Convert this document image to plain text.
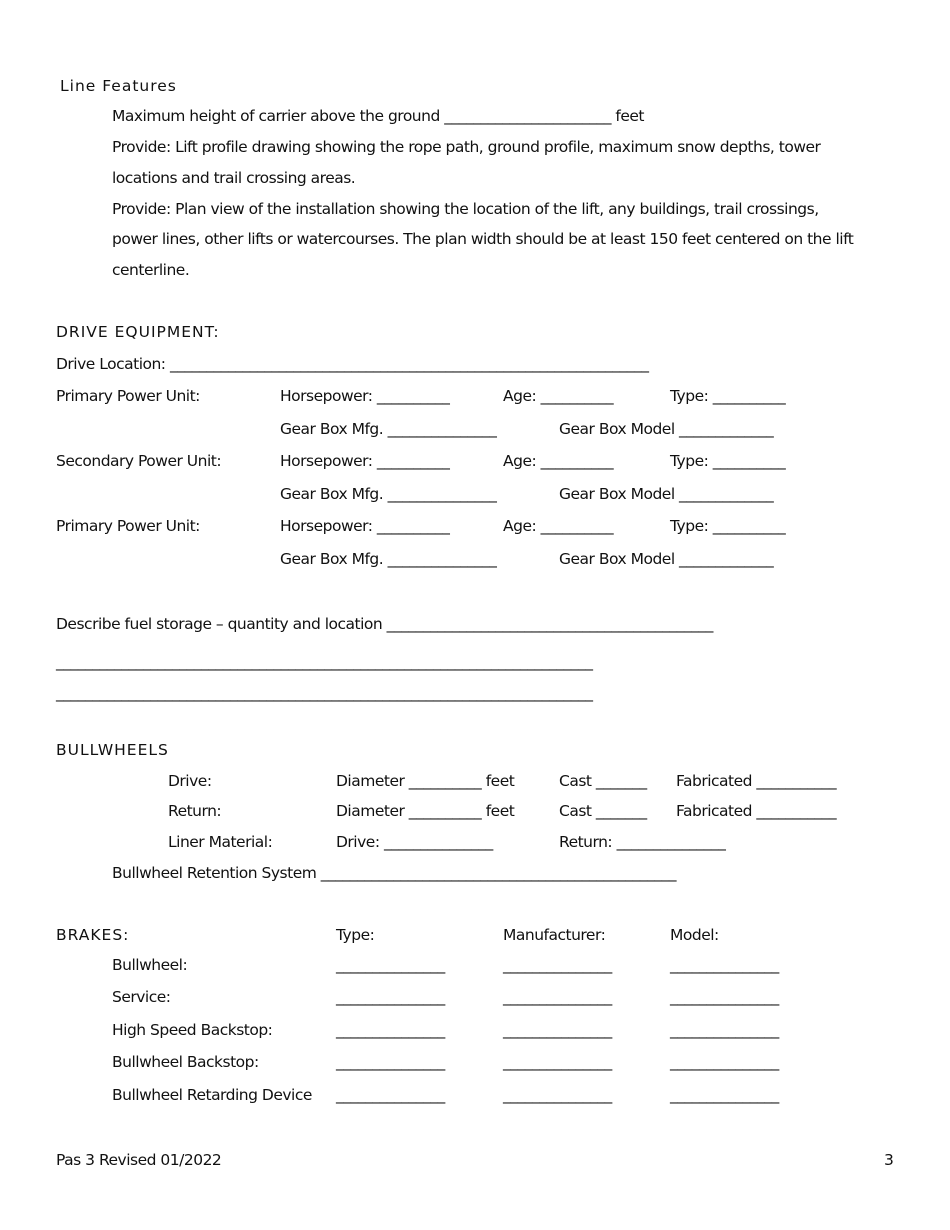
Line Features
Maximum height of carrier above the ground _______________________ feet
Provide: Lift profile drawing showing the rope path, ground profile, maximum snow depths, tower
locations and trail crossing areas.
Provide: Plan view of the installation showing the location of the lift, any buildings, trail crossings,
power lines, other lifts or watercourses. The plan width should be at least 150 feet centered on the lift
centerline.
DRIVE EQUIPMENT:
Drive Location: __________________________________________________________________
Primary Power Unit:	Horsepower: __________	Age: __________	Type: __________
Gear Box Mfg. _______________	Gear Box Model _____________
Secondary Power Unit:	Horsepower: __________	Age: __________	Type: __________
Gear Box Mfg. _______________	Gear Box Model _____________
Primary Power Unit:	Horsepower: __________	Age: __________	Type: __________
Gear Box Mfg. _______________	Gear Box Model _____________
Describe fuel storage – quantity and location _____________________________________________
__________________________________________________________________________
__________________________________________________________________________
BULLWHEELS
Drive:	Diameter __________ feet	Cast _______ Fabricated ___________
Return:	Diameter __________ feet	Cast _______ Fabricated ___________
Liner Material:	Drive: _______________	Return: _______________
Bullwheel Retention System _________________________________________________
BRAKES:	Type:	Manufacturer:	Model:
Bullwheel:	_______________	_______________	_______________
Service:	_______________	_______________	_______________
High Speed Backstop:	_______________	_______________	_______________
Bullwheel Backstop:	_______________	_______________	_______________
Bullwheel Retarding Device _______________	_______________	_______________
Pas 3 Revised 01/2022	3
